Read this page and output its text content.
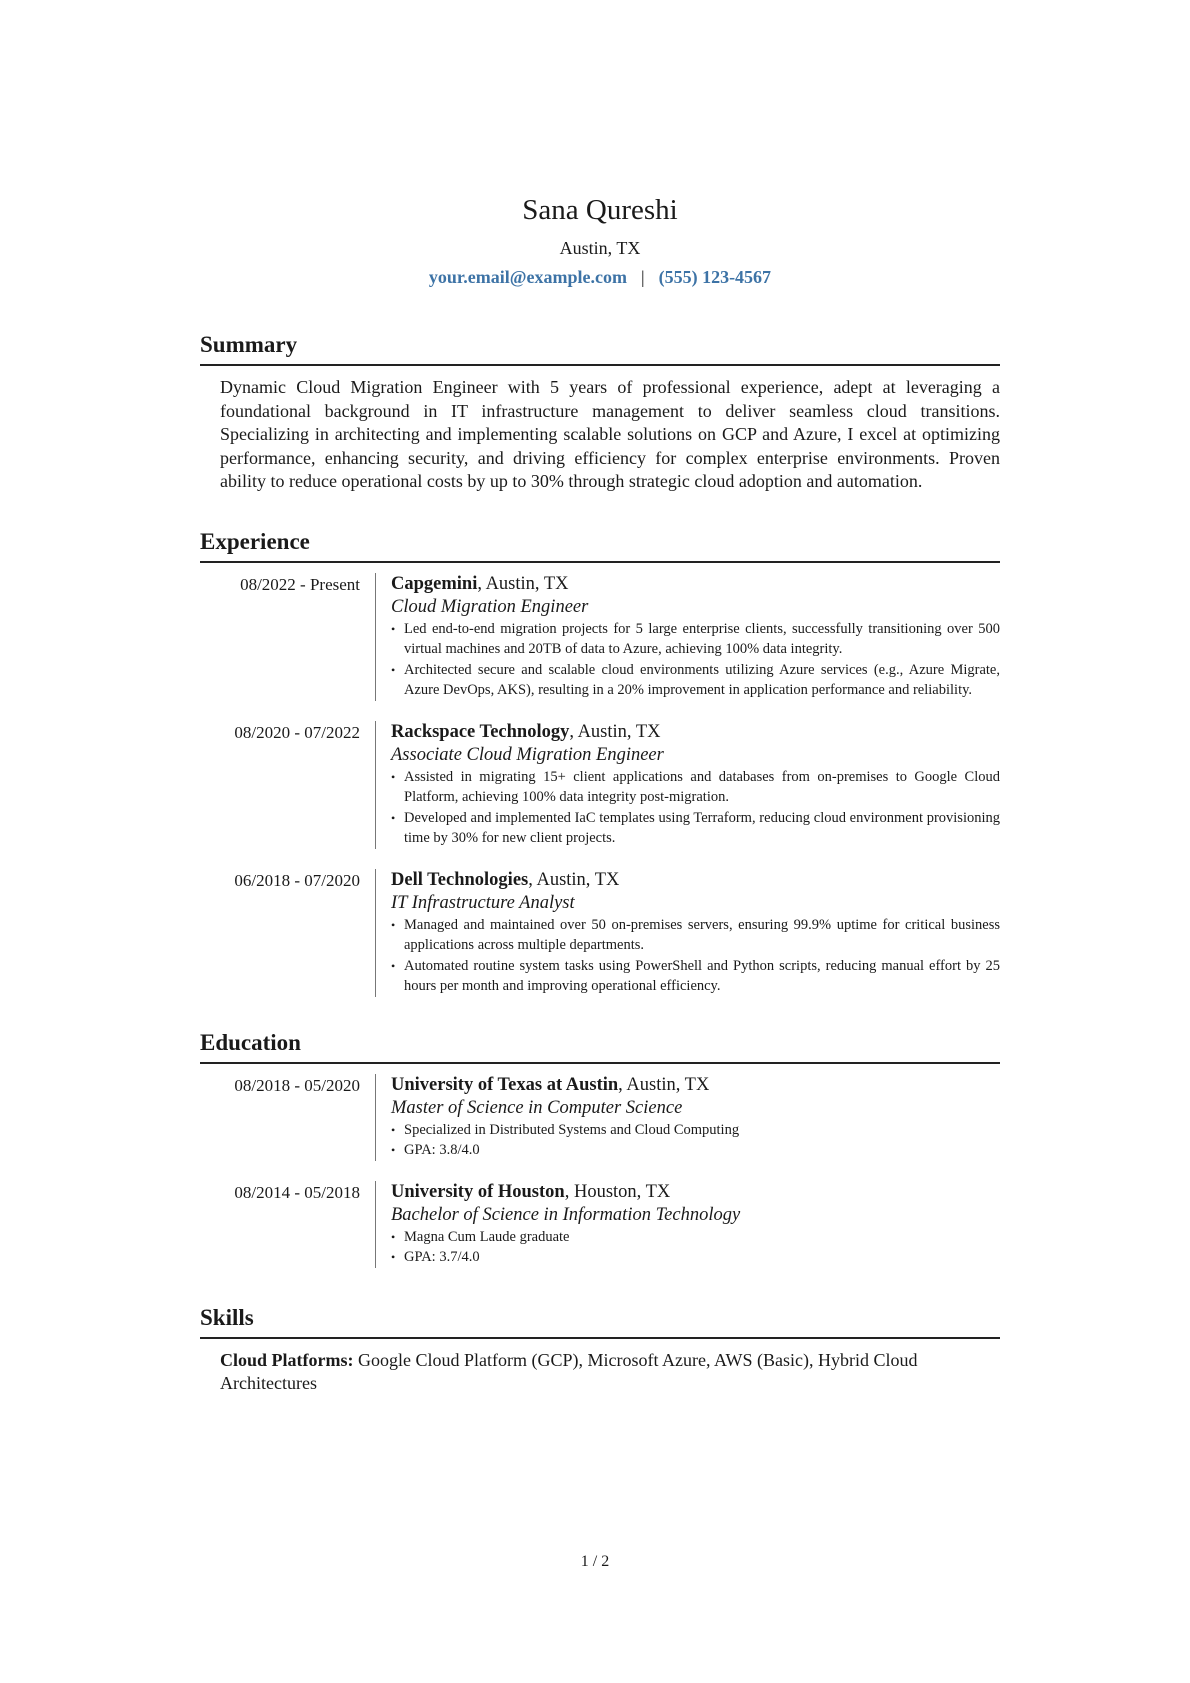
Sana Qureshi
Austin, TX
your.email@example.com | (555) 123-4567
Summary
Dynamic Cloud Migration Engineer with 5 years of professional experience, adept at leveraging a foundational background in IT infrastructure management to deliver seamless cloud transitions. Specializing in architecting and implementing scalable solutions on GCP and Azure, I excel at optimizing performance, enhancing security, and driving efficiency for complex enterprise environments. Proven ability to reduce operational costs by up to 30% through strategic cloud adoption and automation.
Experience
08/2022 - Present	Capgemini, Austin, TX
Cloud Migration Engineer
• Led end-to-end migration projects for 5 large enterprise clients, successfully transitioning over 500 virtual machines and 20TB of data to Azure, achieving 100% data integrity.
• Architected secure and scalable cloud environments utilizing Azure services (e.g., Azure Migrate, Azure DevOps, AKS), resulting in a 20% improvement in application performance and reliability.
08/2020 - 07/2022	Rackspace Technology, Austin, TX
Associate Cloud Migration Engineer
• Assisted in migrating 15+ client applications and databases from on-premises to Google Cloud Platform, achieving 100% data integrity post-migration.
• Developed and implemented IaC templates using Terraform, reducing cloud environment provisioning time by 30% for new client projects.
06/2018 - 07/2020	Dell Technologies, Austin, TX
IT Infrastructure Analyst
• Managed and maintained over 50 on-premises servers, ensuring 99.9% uptime for critical business applications across multiple departments.
• Automated routine system tasks using PowerShell and Python scripts, reducing manual effort by 25 hours per month and improving operational efficiency.
Education
08/2018 - 05/2020	University of Texas at Austin, Austin, TX
Master of Science in Computer Science
• Specialized in Distributed Systems and Cloud Computing
• GPA: 3.8/4.0
08/2014 - 05/2018	University of Houston, Houston, TX
Bachelor of Science in Information Technology
• Magna Cum Laude graduate
• GPA: 3.7/4.0
Skills
Cloud Platforms: Google Cloud Platform (GCP), Microsoft Azure, AWS (Basic), Hybrid Cloud Architectures
1 / 2
